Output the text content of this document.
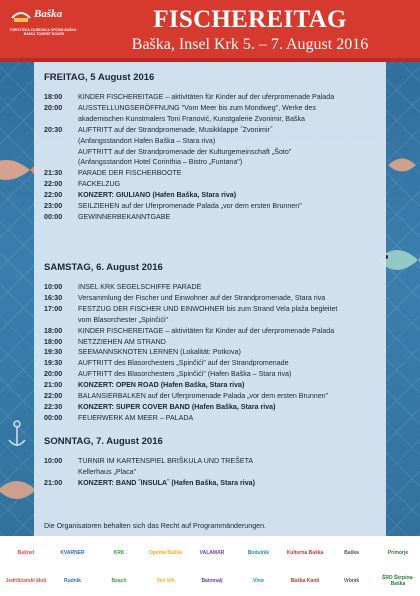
Baška
TURISTIČKA ZAJEDNICA OPĆINE BAŠKA · BASKA TOURIST BOARD
FISCHEREITAG
Baška, Insel Krk 5. – 7. August 2016
FREITAG, 5 August 2016
18:00 KINDER FISCHEREITAGE – aktivitäten für Kinder auf der uferpromenade Palada
20:00 AUSSTELLUNGSERÖFFNUNG "Vom Meer bis zum Mondweg", Werke des
akademischen Kunstmalers Toni Franović, Kunstgalerie Zvonimir, Baška
20:30 AUFTRITT auf der Strandpromenade, Musikklappe ˝Zvonimir˝
(Anfangsstandort Hafen Baška – Stara riva)
AUFTRITT auf der Strandpromenade der Kulturgemeinschaft „Šoto"
(Anfangsstandort Hotel Corinthia – Bistro „Funtana")
21:30 PARADE DER FISCHERBOOTE
22:00 FACKELZUG
22:00 KONZERT: GIULIANO (Hafen Baška, Stara riva)
23:00 SEILZIEHEN auf der Uferpromenade Palada „vor dem ersten Brunnen"
00:00 GEWINNERBEKANNTGABE
SAMSTAG, 6. August 2016
10:00 INSEL KRK SEGELSCHIFFE PARADE
16:30 Versammlung der Fischer und Einwohner auf der Strandpromenade, Stara riva
17:00 FESTZUG DER FISCHER UND EINWOHNER bis zum Strand Vela plaža begleitet
vom Blasorchester „Spinčići"
18:00 KINDER FISCHEREITAGE – aktivitäten für Kinder auf der uferpromenade Palada
18:00 NETZZIEHEN AM STRAND
19:30 SEEMANNSKNOTEN LERNEN (Lokalität: Potkova)
19:30 AUFTRITT des Blasorchesters „Spinčići" auf der Strandpromenade
20:00 AUFTRITT des Blasorchesters „Spinčići" (Hafen Baška – Stara riva)
21:00 KONZERT: OPEN ROAD (Hafen Baška, Stara riva)
22:00 BALANSIERBALKEN auf der Uferpromenade Palada „vor dem ersten Brunnen"
22:30 KONZERT: SUPER COVER BAND (Hafen Baška, Stara riva)
00:00 FEUERWERK AM MEER – PALADA
SONNTAG, 7. August 2016
10:00 TURNIR IM KARTENSPIEL BRIŠKULA UND TREŠETA
Kellerhaus „Placa"
21:00 KONZERT: BAND ˝INSULA˝ (Hafen Baška, Stara riva)
Die Organisatoren behalten sich das Recht auf Programmänderungen.
Bašnet	KVARNER	KRK	Općina Baška	VALAMAR	Bodulnik	Kulturna Baška	Baška	Primorje
Jedriličarski klub	Rudnik	Beach	Veli Vrh	Batomalj	Vino	Baška Kanti	Vrbnik	ŠRD Škrpina-Baška
